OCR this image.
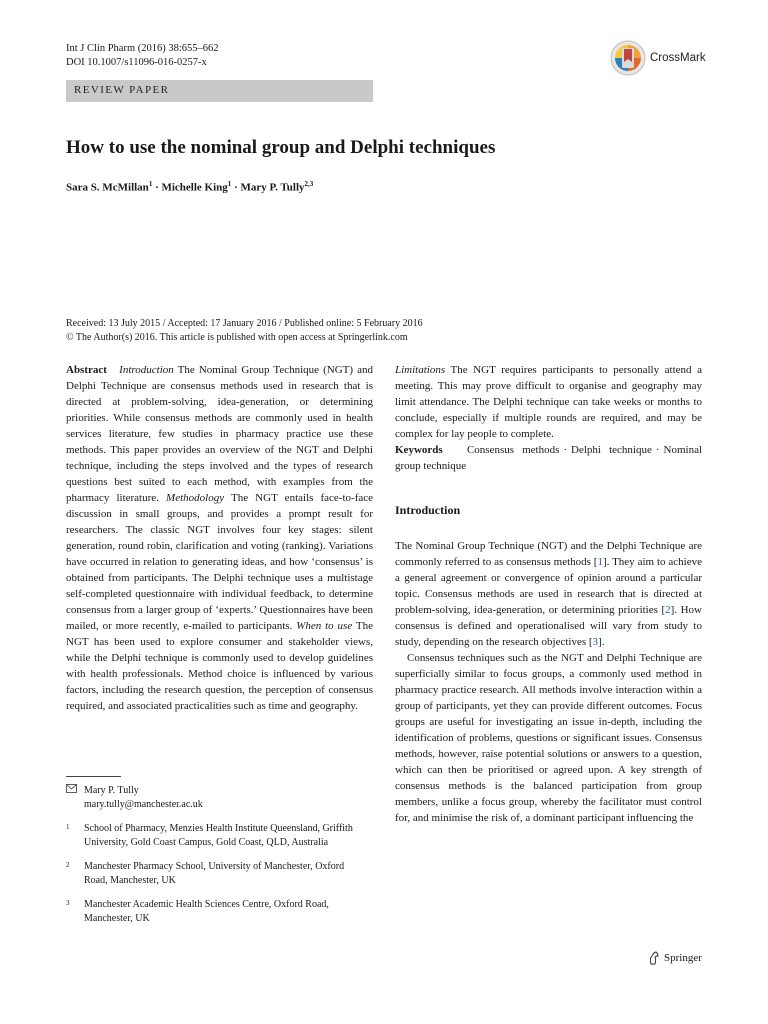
Int J Clin Pharm (2016) 38:655–662
DOI 10.1007/s11096-016-0257-x	CrossMark
REVIEW PAPER
How to use the nominal group and Delphi techniques
Sara S. McMillan$^1$ · Michelle King$^1$ · Mary P. Tully$^{2,3}$
Received: 13 July 2015 / Accepted: 17 January 2016 / Published online: 5 February 2016
© The Author(s) 2016. This article is published with open access at Springerlink.com

Abstract Introduction The Nominal Group Technique (NGT) and Delphi Technique are consensus methods used in research that is directed at problem-solving, idea-generation, or determining priorities. While consensus methods are commonly used in health services literature, few studies in pharmacy practice use these methods. This paper provides an overview of the NGT and Delphi technique, including the steps involved and the types of research questions best suited to each method, with examples from the pharmacy literature. Methodology The NGT entails face-to-face discussion in small groups, and provides a prompt result for researchers. The classic NGT involves four key stages: silent generation, round robin, clarification and voting (ranking). Variations have occurred in relation to generating ideas, and how ‘consensus’ is obtained from participants. The Delphi technique uses a multistage self-completed questionnaire with individual feedback, to determine consensus from a larger group of ‘experts.’ Questionnaires have been mailed, or more recently, e-mailed to participants. When to use The NGT has been used to explore consumer and stakeholder views, while the Delphi technique is commonly used to develop guidelines with health professionals. Method choice is influenced by various factors, including the research question, the perception of consensus required, and associated practicalities such as time and geography.

Limitations The NGT requires participants to personally attend a meeting. This may prove difficult to organise and geography may limit attendance. The Delphi technique can take weeks or months to conclude, especially if multiple rounds are required, and may be complex for lay people to complete.

Keywords Consensus methods · Delphi technique · Nominal group technique

Introduction

The Nominal Group Technique (NGT) and the Delphi Technique are commonly referred to as consensus methods [1]. They aim to achieve a general agreement or convergence of opinion around a particular topic. Consensus methods are used in research that is directed at problem-solving, idea-generation, or determining priorities [2]. How consensus is defined and operationalised will vary from study to study, depending on the research objectives [3].

Consensus techniques such as the NGT and Delphi Technique are superficially similar to focus groups, a commonly used method in pharmacy practice research. All methods involve interaction within a group of participants, yet they can provide different outcomes. Focus groups are useful for investigating an issue in-depth, including the identification of problems, questions or significant issues. Consensus methods, however, raise potential solutions or answers to a question, which can then be prioritised or agreed upon. A key strength of consensus methods is the balanced participation from group members, unlike a focus group, whereby the facilitator must control for, and minimise the risk of, a dominant participant influencing the

Mary P. Tully
mary.tully@manchester.ac.uk
1	School of Pharmacy, Menzies Health Institute Queensland, Griffith University, Gold Coast Campus, Gold Coast, QLD, Australia
2	Manchester Pharmacy School, University of Manchester, Oxford Road, Manchester, UK
3	Manchester Academic Health Sciences Centre, Oxford Road, Manchester, UK
Springer
